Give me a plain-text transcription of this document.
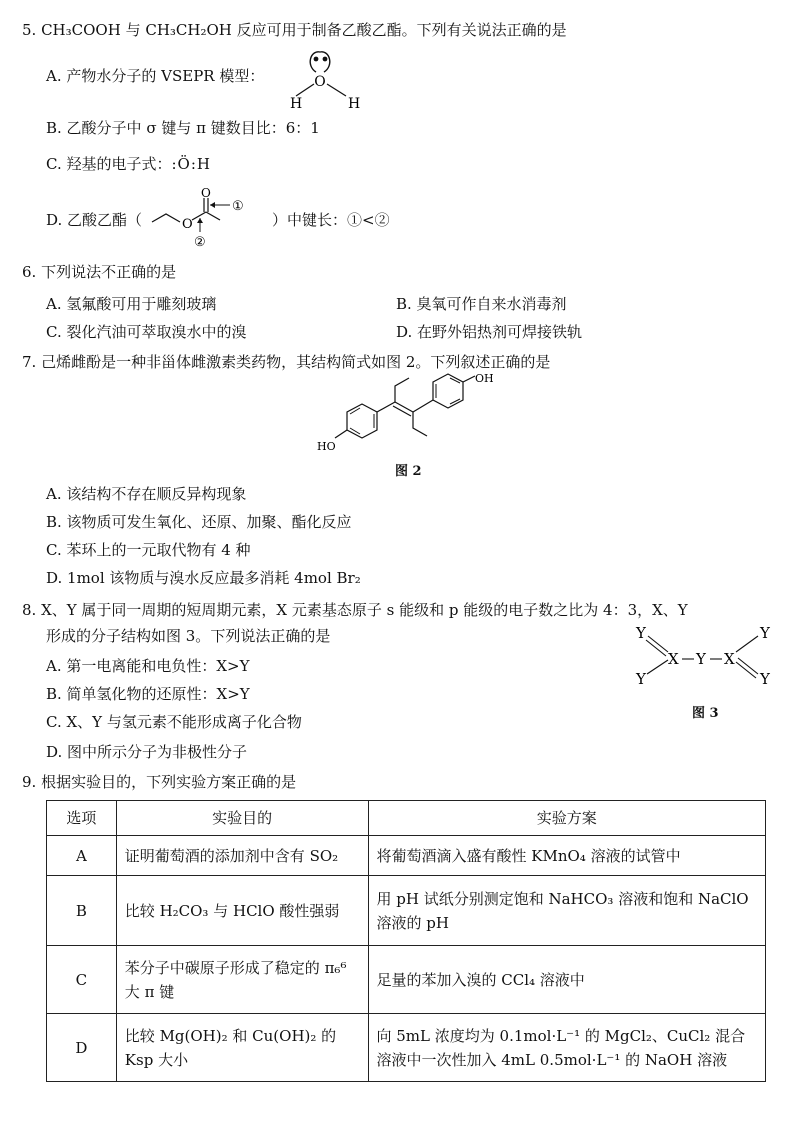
5. CH₃COOH 与 CH₃CH₂OH 反应可用于制备乙酸乙酯。下列有关说法正确的是
A. 产物水分子的 VSEPR 模型：	O
H	H
B. 乙酸分子中 σ 键与 π 键数目比：6：1
C. 羟基的电子式：:Ö:H
D. 乙酸乙酯（	）中键长：①<②
O
O
①
②
6. 下列说法不正确的是
A. 氢氟酸可用于雕刻玻璃	B. 臭氧可作自来水消毒剂
C. 裂化汽油可萃取溴水中的溴	D. 在野外铝热剂可焊接铁轨
7. 己烯雌酚是一种非甾体雌激素类药物，其结构简式如图 2。下列叙述正确的是
OH
HO
图 2
A. 该结构不存在顺反异构现象
B. 该物质可发生氧化、还原、加聚、酯化反应
C. 苯环上的一元取代物有 4 种
D. 1mol 该物质与溴水反应最多消耗 4mol Br₂
8. X、Y 属于同一周期的短周期元素，X 元素基态原子 s 能级和 p 能级的电子数之比为 4：3，X、Y
形成的分子结构如图 3。下列说法正确的是
A. 第一电离能和电负性：X>Y
B. 简单氢化物的还原性：X>Y
C. X、Y 与氢元素不能形成离子化合物
D. 图中所示分子为非极性分子
Y
Y
X Y X
Y
Y
图 3
9. 根据实验目的，下列实验方案正确的是
选项	实验目的	实验方案
A	证明葡萄酒的添加剂中含有 SO₂	将葡萄酒滴入盛有酸性 KMnO₄ 溶液的试管中
B	比较 H₂CO₃ 与 HClO 酸性强弱	用 pH 试纸分别测定饱和 NaHCO₃ 溶液和饱和 NaClO 溶液的 pH
C	苯分子中碳原子形成了稳定的 π₆⁶ 大 π 键	足量的苯加入溴的 CCl₄ 溶液中
D	比较 Mg(OH)₂ 和 Cu(OH)₂ 的 Ksp 大小	向 5mL 浓度均为 0.1mol·L⁻¹ 的 MgCl₂、CuCl₂ 混合溶液中一次性加入 4mL 0.5mol·L⁻¹ 的 NaOH 溶液
